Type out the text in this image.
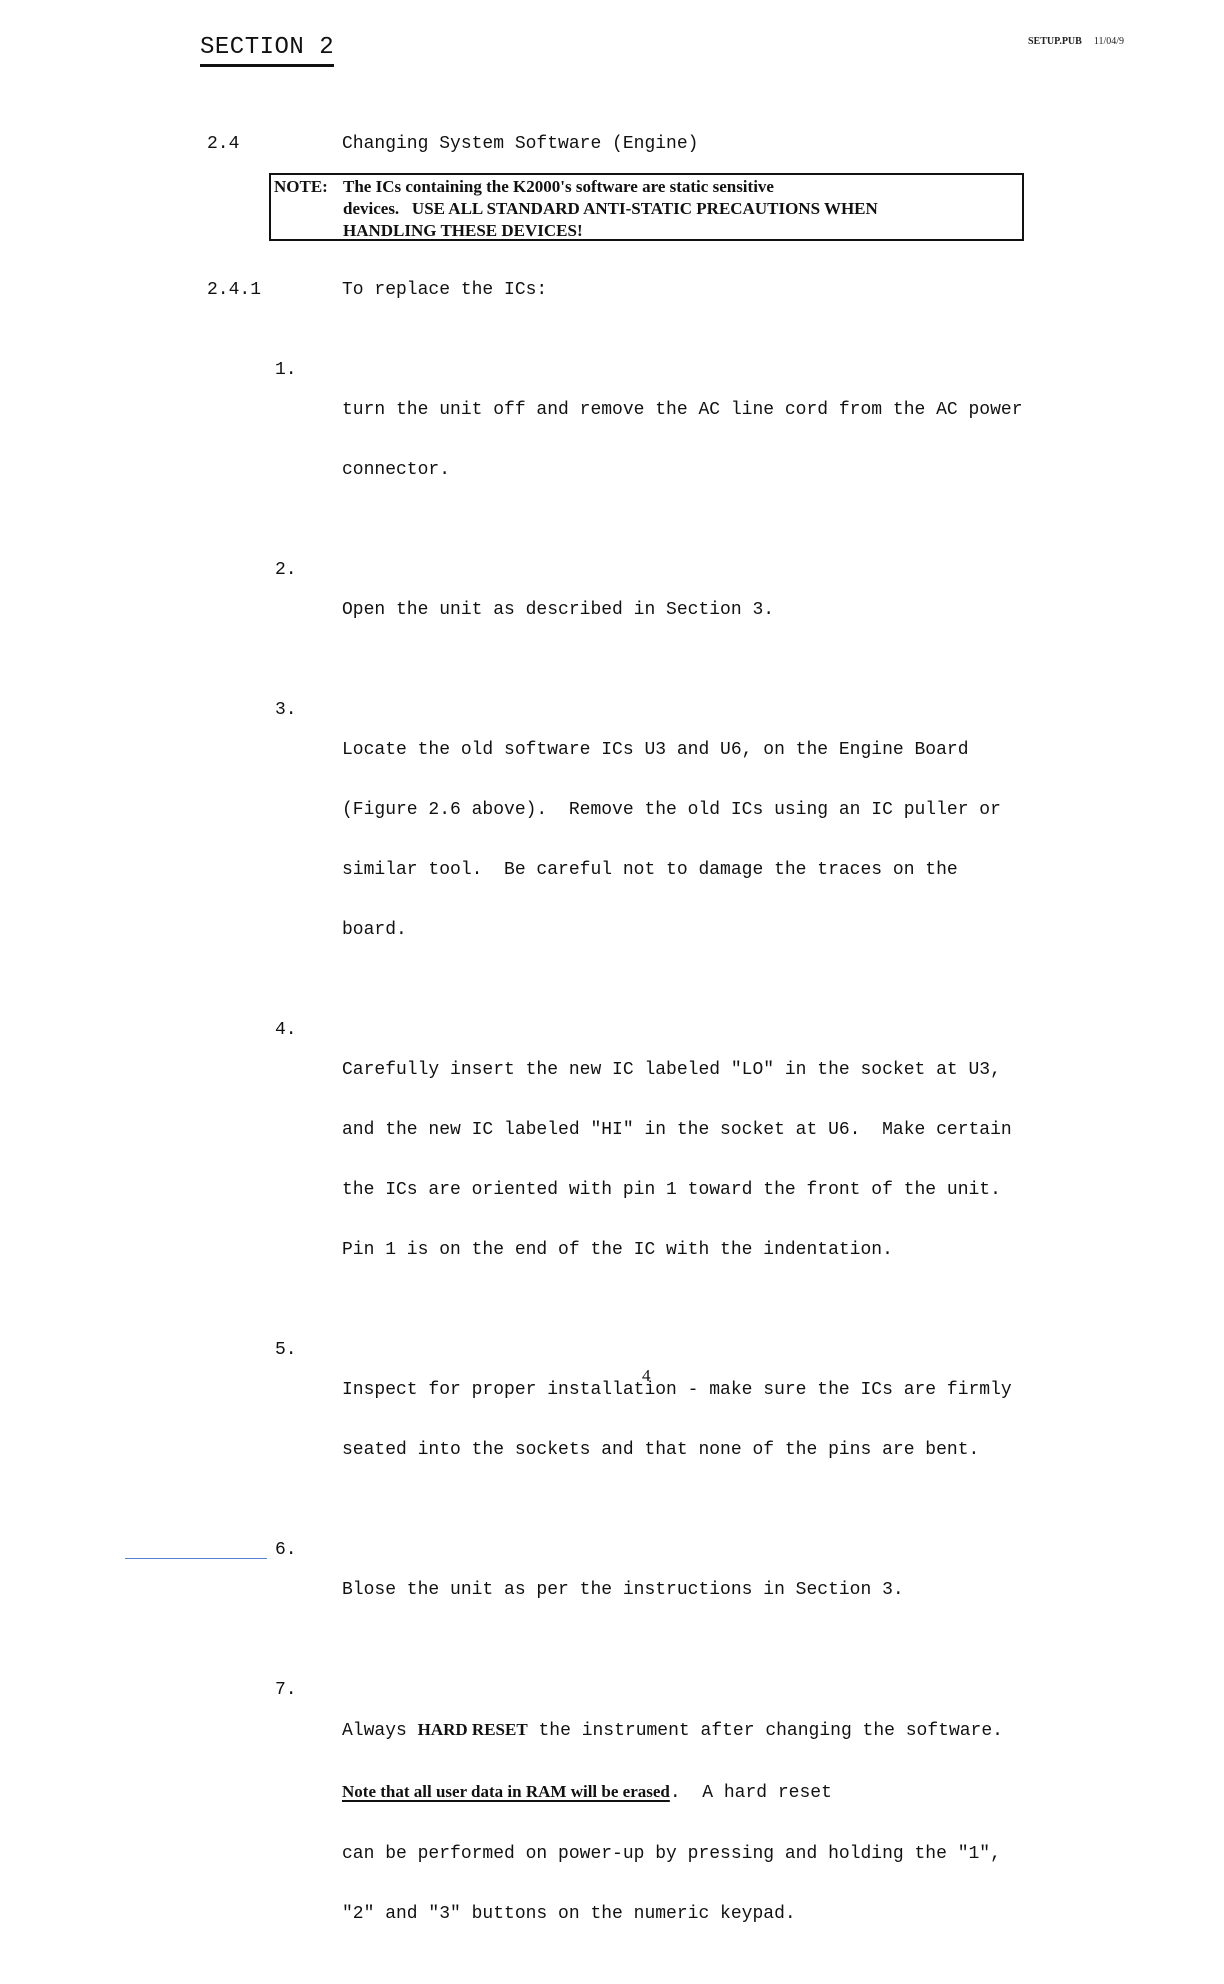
SECTION 2	SETUP.PUB 11/04/9
2.4	Changing System Software (Engine)
NOTE: The ICs containing the K2000's software are static sensitive
devices.   USE ALL STANDARD ANTI-STATIC PRECAUTIONS WHEN
HANDLING THESE DEVICES!
2.4.1	To replace the ICs:

1.

turn the unit off and remove the AC line cord from the AC power

connector.

2.

Open the unit as described in Section 3.

3.

Locate the old software ICs U3 and U6, on the Engine Board

(Figure 2.6 above).  Remove the old ICs using an IC puller or

similar tool.  Be careful not to damage the traces on the

board.

4.

Carefully insert the new IC labeled "LO" in the socket at U3,

and the new IC labeled "HI" in the socket at U6.  Make certain

the ICs are oriented with pin 1 toward the front of the unit.

Pin 1 is on the end of the IC with the indentation.

5.

Inspect for proper installation - make sure the ICs are firmly

seated into the sockets and that none of the pins are bent.

6.

Blose the unit as per the instructions in Section 3.

7.

Always HARD RESET the instrument after changing the software.

Note that all user data in RAM will be erased.  A hard reset

can be performed on power-up by pressing and holding the "1",

"2" and "3" buttons on the numeric keypad.

4
